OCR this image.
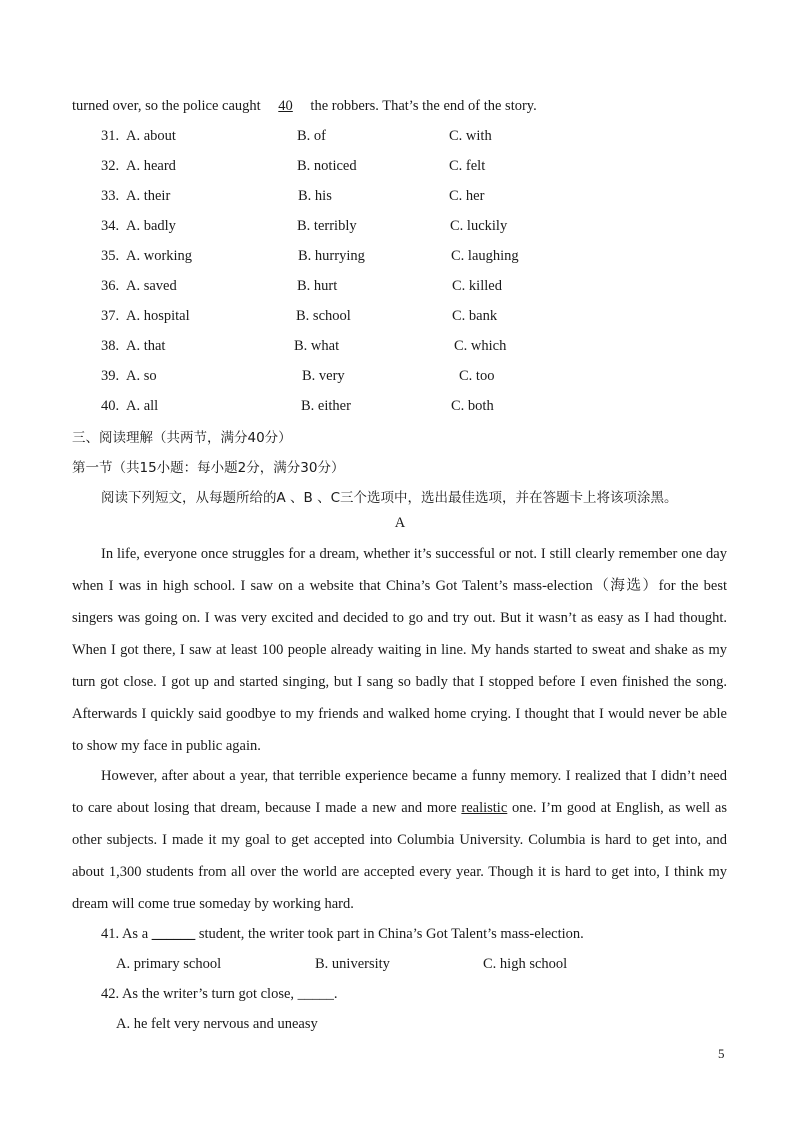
turned over, so the police caught 40 the robbers. That’s the end of the story.
31. A. about	B. of	C. with
32. A. heard	B. noticed	C. felt
33. A. their	B. his	C. her
34. A. badly	B. terribly	C. luckily
35. A. working	B. hurrying	C. laughing
36. A. saved	B. hurt	C. killed
37. A. hospital	B. school	C. bank
38. A. that	B. what	C. which
39. A. so	B. very	C. too
40. A. all	B. either	C. both
三、阅读理解（共两节，满分40分）
第一节（共15小题：每小题2分，满分30分）
阅读下列短文，从每题所给的A 、B 、C三个选项中，选出最佳选项，并在答题卡上将该项涂黑。
A
In life, everyone once struggles for a dream, whether it’s successful or not. I still clearly remember one day when I was in high school. I saw on a website that China’s Got Talent’s mass-election（海选）for the best singers was going on. I was very excited and decided to go and try out. But it wasn’t as easy as I had thought. When I got there, I saw at least 100 people already waiting in line. My hands started to sweat and shake as my turn got close. I got up and started singing, but I sang so badly that I stopped before I even finished the song. Afterwards I quickly said goodbye to my friends and walked home crying. I thought that I would never be able to show my face in public again.
However, after about a year, that terrible experience became a funny memory. I realized that I didn’t need to care about losing that dream, because I made a new and more realistic one. I’m good at English, as well as other subjects. I made it my goal to get accepted into Columbia University. Columbia is hard to get into, and about 1,300 students from all over the world are accepted every year. Though it is hard to get into, I think my dream will come true someday by working hard.
41. As a ______ student, the writer took part in China’s Got Talent’s mass-election.
A. primary school	B. university	C. high school
42. As the writer’s turn got close, _____.
A. he felt very nervous and uneasy
5
